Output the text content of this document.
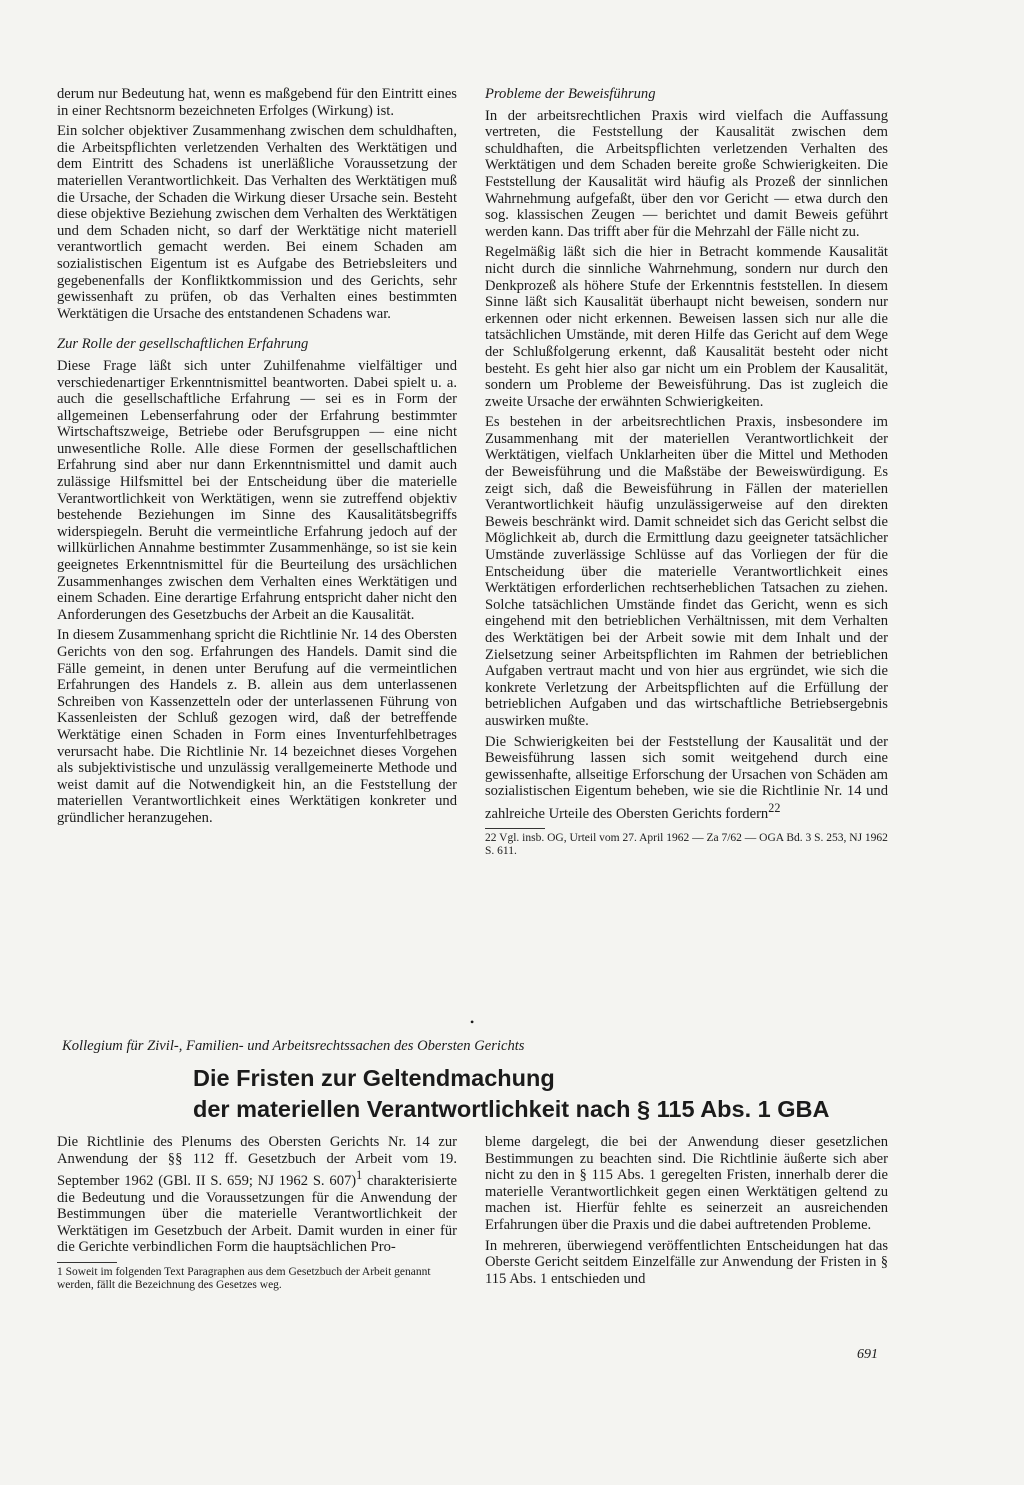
derum nur Bedeutung hat, wenn es maßgebend für den Eintritt eines in einer Rechtsnorm bezeichneten Erfolges (Wirkung) ist.

Ein solcher objektiver Zusammenhang zwischen dem schuldhaften, die Arbeitspflichten verletzenden Verhalten des Werktätigen und dem Eintritt des Schadens ist unerläßliche Voraussetzung der materiellen Verantwortlichkeit. Das Verhalten des Werktätigen muß die Ursache, der Schaden die Wirkung dieser Ursache sein. Besteht diese objektive Beziehung zwischen dem Verhalten des Werktätigen und dem Schaden nicht, so darf der Werktätige nicht materiell verantwortlich gemacht werden. Bei einem Schaden am sozialistischen Eigentum ist es Aufgabe des Betriebsleiters und gegebenenfalls der Konfliktkommission und des Gerichts, sehr gewissenhaft zu prüfen, ob das Verhalten eines bestimmten Werktätigen die Ursache des entstandenen Schadens war.

Zur Rolle der gesellschaftlichen Erfahrung

Diese Frage läßt sich unter Zuhilfenahme vielfältiger und verschiedenartiger Erkenntnismittel beantworten. Dabei spielt u. a. auch die gesellschaftliche Erfahrung — sei es in Form der allgemeinen Lebenserfahrung oder der Erfahrung bestimmter Wirtschaftszweige, Betriebe oder Berufsgruppen — eine nicht unwesentliche Rolle. Alle diese Formen der gesellschaftlichen Erfahrung sind aber nur dann Erkenntnismittel und damit auch zulässige Hilfsmittel bei der Entscheidung über die materielle Verantwortlichkeit von Werktätigen, wenn sie zutreffend objektiv bestehende Beziehungen im Sinne des Kausalitätsbegriffs widerspiegeln. Beruht die vermeintliche Erfahrung jedoch auf der willkürlichen Annahme bestimmter Zusammenhänge, so ist sie kein geeignetes Erkenntnismittel für die Beurteilung des ursächlichen Zusammenhanges zwischen dem Verhalten eines Werktätigen und einem Schaden. Eine derartige Erfahrung entspricht daher nicht den Anforderungen des Gesetzbuchs der Arbeit an die Kausalität.

In diesem Zusammenhang spricht die Richtlinie Nr. 14 des Obersten Gerichts von den sog. Erfahrungen des Handels. Damit sind die Fälle gemeint, in denen unter Berufung auf die vermeintlichen Erfahrungen des Handels z. B. allein aus dem unterlassenen Schreiben von Kassenzetteln oder der unterlassenen Führung von Kassenleisten der Schluß gezogen wird, daß der betreffende Werktätige einen Schaden in Form eines Inventurfehlbetrages verursacht habe. Die Richtlinie Nr. 14 bezeichnet dieses Vorgehen als subjektivistische und unzulässig verallgemeinerte Methode und weist damit auf die Notwendigkeit hin, an die Feststellung der materiellen Verantwortlichkeit eines Werktätigen konkreter und gründlicher heranzugehen.

Probleme der Beweisführung

In der arbeitsrechtlichen Praxis wird vielfach die Auffassung vertreten, die Feststellung der Kausalität zwischen dem schuldhaften, die Arbeitspflichten verletzenden Verhalten des Werktätigen und dem Schaden bereite große Schwierigkeiten. Die Feststellung der Kausalität wird häufig als Prozeß der sinnlichen Wahrnehmung aufgefaßt, über den vor Gericht — etwa durch den sog. klassischen Zeugen — berichtet und damit Beweis geführt werden kann. Das trifft aber für die Mehrzahl der Fälle nicht zu.

Regelmäßig läßt sich die hier in Betracht kommende Kausalität nicht durch die sinnliche Wahrnehmung, sondern nur durch den Denkprozeß als höhere Stufe der Erkenntnis feststellen. In diesem Sinne läßt sich Kausalität überhaupt nicht beweisen, sondern nur erkennen oder nicht erkennen. Beweisen lassen sich nur alle die tatsächlichen Umstände, mit deren Hilfe das Gericht auf dem Wege der Schlußfolgerung erkennt, daß Kausalität besteht oder nicht besteht. Es geht hier also gar nicht um ein Problem der Kausalität, sondern um Probleme der Beweisführung. Das ist zugleich die zweite Ursache der erwähnten Schwierigkeiten.

Es bestehen in der arbeitsrechtlichen Praxis, insbesondere im Zusammenhang mit der materiellen Verantwortlichkeit der Werktätigen, vielfach Unklarheiten über die Mittel und Methoden der Beweisführung und die Maßstäbe der Beweiswürdigung. Es zeigt sich, daß die Beweisführung in Fällen der materiellen Verantwortlichkeit häufig unzulässigerweise auf den direkten Beweis beschränkt wird. Damit schneidet sich das Gericht selbst die Möglichkeit ab, durch die Ermittlung dazu geeigneter tatsächlicher Umstände zuverlässige Schlüsse auf das Vorliegen der für die Entscheidung über die materielle Verantwortlichkeit eines Werktätigen erforderlichen rechtserheblichen Tatsachen zu ziehen. Solche tatsächlichen Umstände findet das Gericht, wenn es sich eingehend mit den betrieblichen Verhältnissen, mit dem Verhalten des Werktätigen bei der Arbeit sowie mit dem Inhalt und der Zielsetzung seiner Arbeitspflichten im Rahmen der betrieblichen Aufgaben vertraut macht und von hier aus ergründet, wie sich die konkrete Verletzung der Arbeitspflichten auf die Erfüllung der betrieblichen Aufgaben und das wirtschaftliche Betriebsergebnis auswirken mußte.

Die Schwierigkeiten bei der Feststellung der Kausalität und der Beweisführung lassen sich somit weitgehend durch eine gewissenhafte, allseitige Erforschung der Ursachen von Schäden am sozialistischen Eigentum beheben, wie sie die Richtlinie Nr. 14 und zahlreiche Urteile des Obersten Gerichts fordern$^{22}$

22 Vgl. insb. OG, Urteil vom 27. April 1962 — Za 7/62 — OGA Bd. 3 S. 253, NJ 1962 S. 611.
•
Kollegium für Zivil-, Familien- und Arbeitsrechtssachen des Obersten Gerichts
Die Fristen zur Geltendmachung
der materiellen Verantwortlichkeit nach § 115 Abs. 1 GBA

Die Richtlinie des Plenums des Obersten Gerichts Nr. 14 zur Anwendung der §§ 112 ff. Gesetzbuch der Arbeit vom 19. September 1962 (GBl. II S. 659; NJ 1962 S. 607)$^1$ charakterisierte die Bedeutung und die Voraussetzungen für die Anwendung der Bestimmungen über die materielle Verantwortlichkeit der Werktätigen im Gesetzbuch der Arbeit. Damit wurden in einer für die Gerichte verbindlichen Form die hauptsächlichen Pro-

1 Soweit im folgenden Text Paragraphen aus dem Gesetzbuch der Arbeit genannt werden, fällt die Bezeichnung des Gesetzes weg.

bleme dargelegt, die bei der Anwendung dieser gesetzlichen Bestimmungen zu beachten sind. Die Richtlinie äußerte sich aber nicht zu den in § 115 Abs. 1 geregelten Fristen, innerhalb derer die materielle Verantwortlichkeit gegen einen Werktätigen geltend zu machen ist. Hierfür fehlte es seinerzeit an ausreichenden Erfahrungen über die Praxis und die dabei auftretenden Probleme.

In mehreren, überwiegend veröffentlichten Entscheidungen hat das Oberste Gericht seitdem Einzelfälle zur Anwendung der Fristen in § 115 Abs. 1 entschieden und

691
